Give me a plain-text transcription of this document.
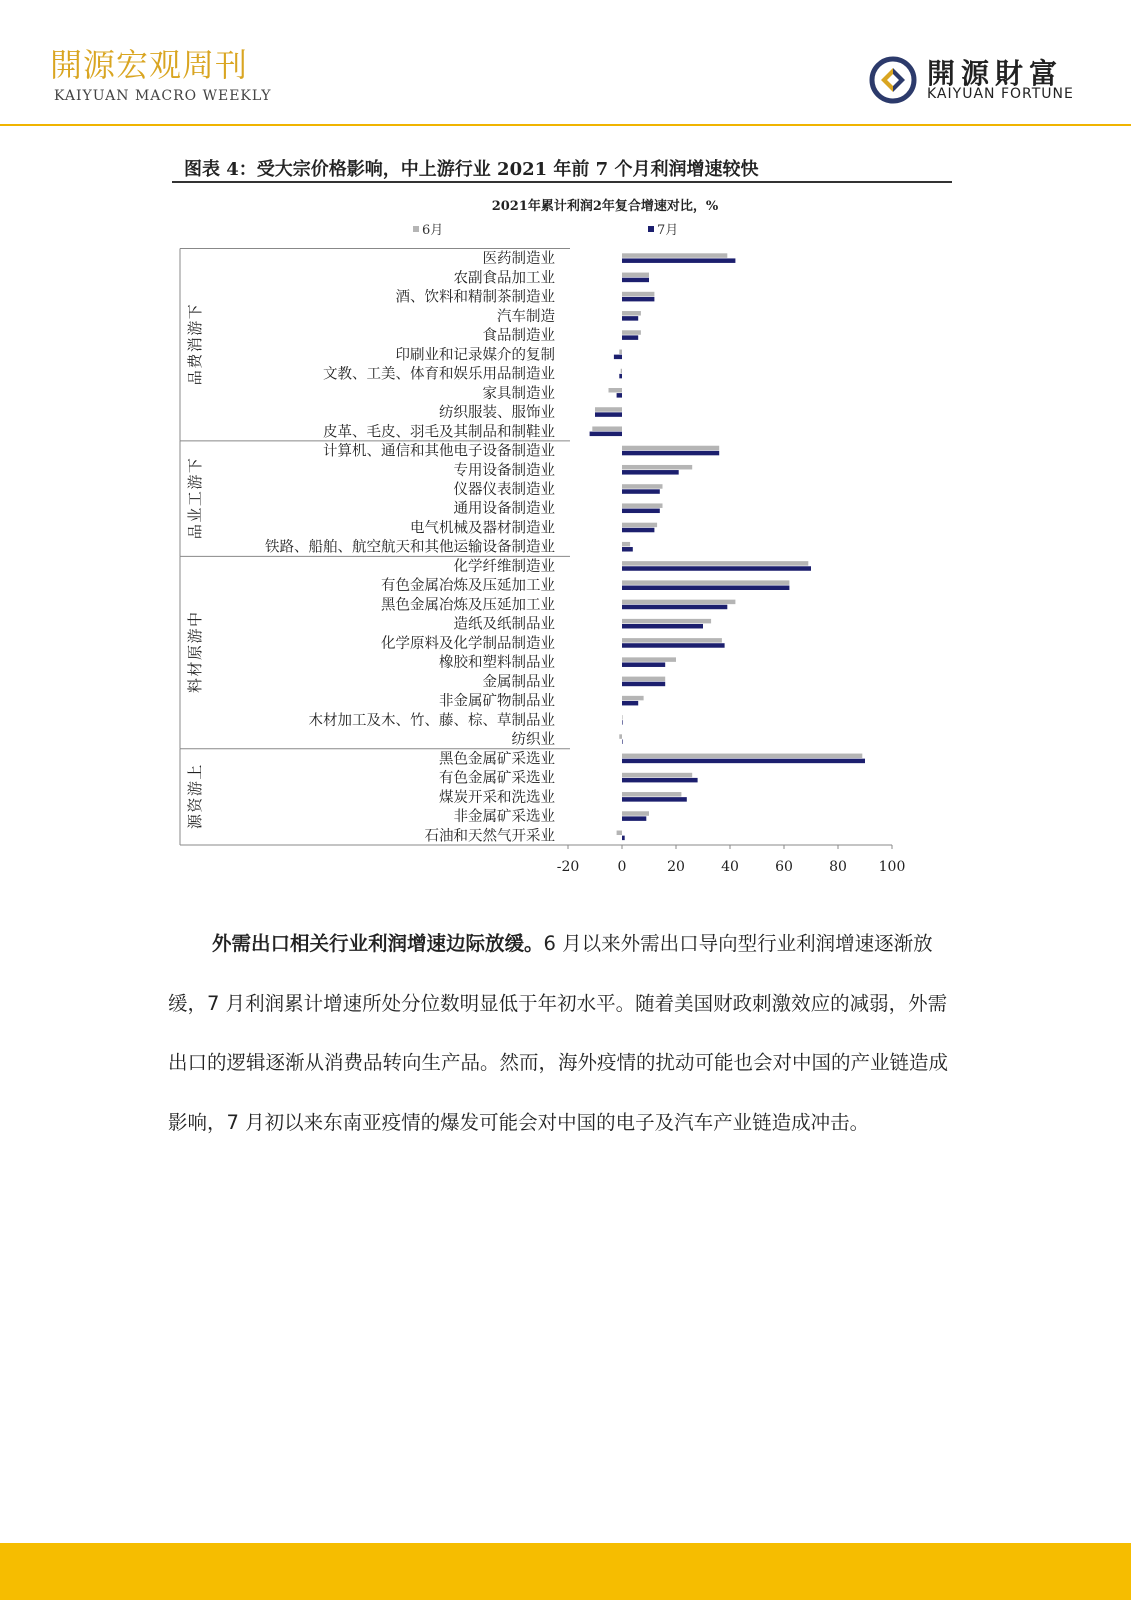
開源宏观周刊
KAIYUAN MACRO WEEKLY
開源財富
KAIYUAN FORTUNE
图表 4：受大宗价格影响，中上游行业 2021 年前 7 个月利润增速较快
2021年累计利润2年复合增速对比，%
6月	7月
医药制造业
农副食品加工业
酒、饮料和精制茶制造业
汽车制造
食品制造业
印刷业和记录媒介的复制
文教、工美、体育和娱乐用品制造业
家具制造业
纺织服装、服饰业
皮革、毛皮、羽毛及其制品和制鞋业
计算机、通信和其他电子设备制造业
专用设备制造业
仪器仪表制造业
通用设备制造业
电气机械及器材制造业
铁路、船舶、航空航天和其他运输设备制造业
化学纤维制造业
有色金属冶炼及压延加工业
黑色金属冶炼及压延加工业
造纸及纸制品业
化学原料及化学制品制造业
橡胶和塑料制品业
金属制品业
非金属矿物制品业
木材加工及木、竹、藤、棕、草制品业
纺织业
黑色金属矿采选业
有色金属矿采选业
煤炭开采和洗选业
非金属矿采选业
石油和天然气开采业
下
游
消
费
品
下
游
工
业
品
中
游
原
材
料
上
游
资
源
-20	0	20	40	60	80 100
外需出口相关行业利润增速边际放缓。6 月以来外需出口导向型行业利润增速逐渐放缓，7 月利润累计增速所处分位数明显低于年初水平。随着美国财政刺激效应的减弱，外需出口的逻辑逐渐从消费品转向生产品。然而，海外疫情的扰动可能也会对中国的产业链造成影响，7 月初以来东南亚疫情的爆发可能会对中国的电子及汽车产业链造成冲击。
